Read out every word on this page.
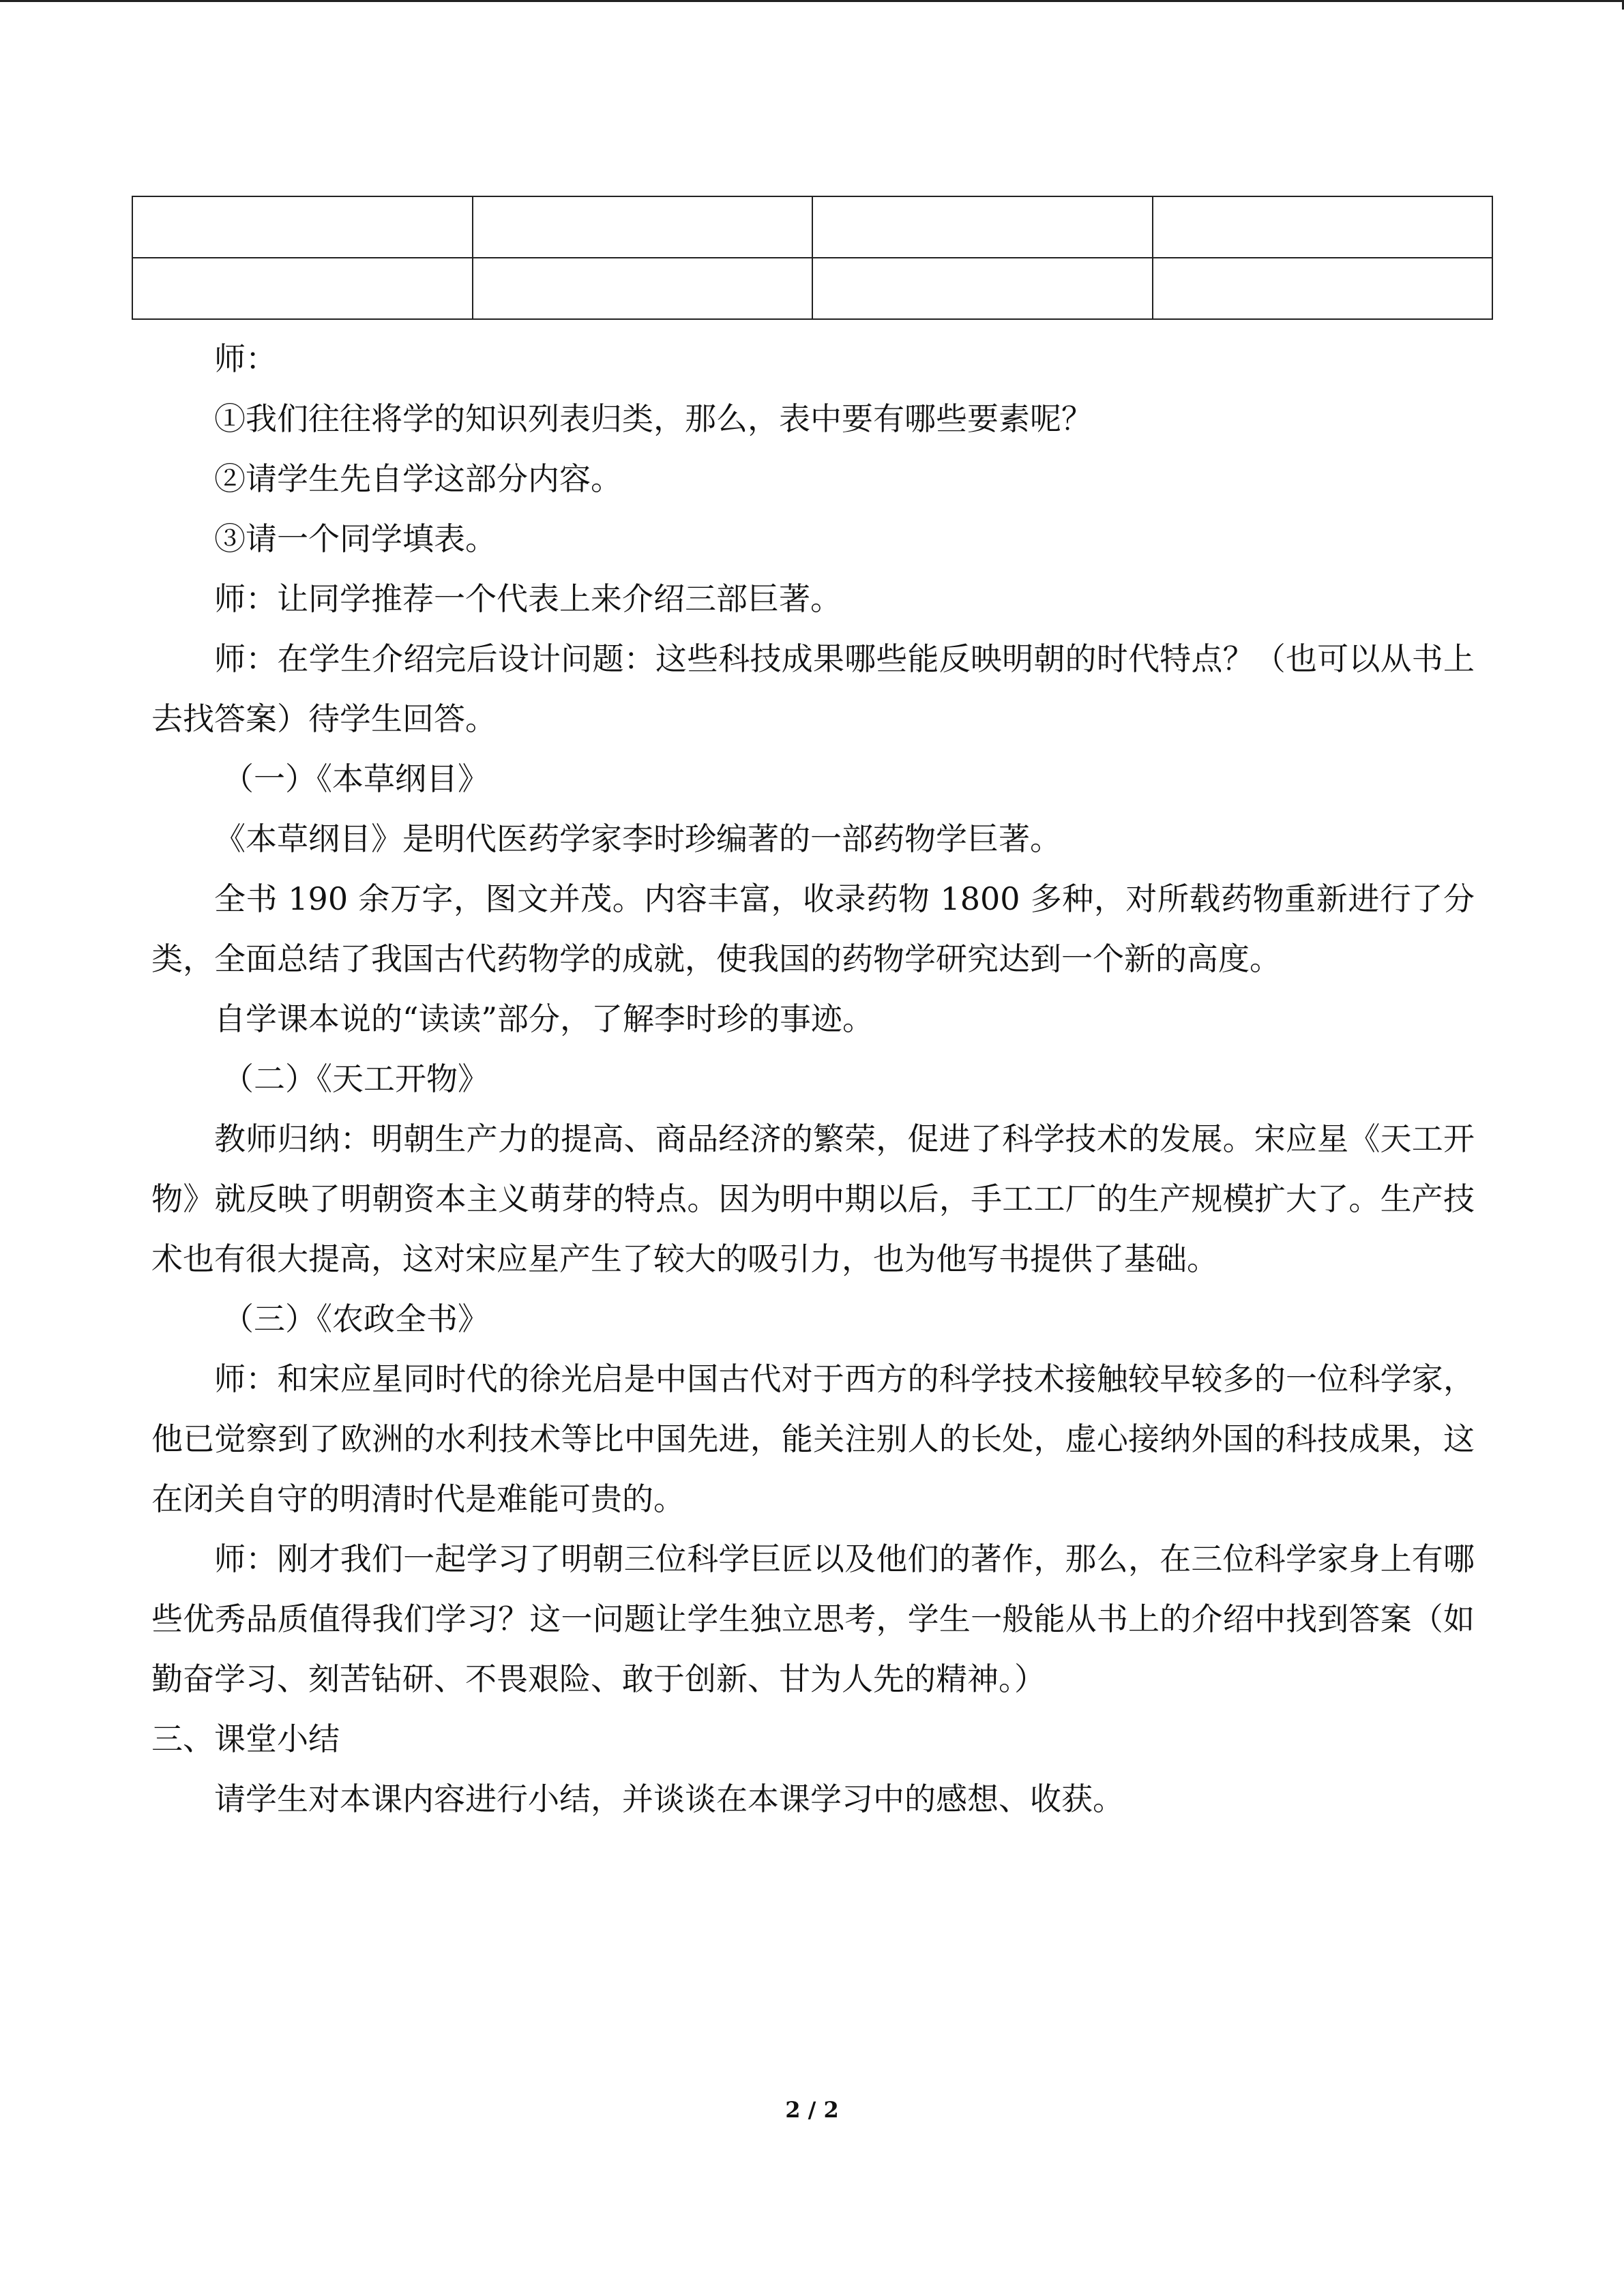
师：

①我们往往将学的知识列表归类，那么，表中要有哪些要素呢？

②请学生先自学这部分内容。

③请一个同学填表。

师：让同学推荐一个代表上来介绍三部巨著。

师：在学生介绍完后设计问题：这些科技成果哪些能反映明朝的时代特点？（也可以从书上去找答案）待学生回答。

（一）《本草纲目》

《本草纲目》是明代医药学家李时珍编著的一部药物学巨著。

全书 190 余万字，图文并茂。内容丰富，收录药物 1800 多种，对所载药物重新进行了分类，全面总结了我国古代药物学的成就，使我国的药物学研究达到一个新的高度。

自学课本说的“读读”部分，了解李时珍的事迹。

（二）《天工开物》

教师归纳：明朝生产力的提高、商品经济的繁荣，促进了科学技术的发展。宋应星《天工开物》就反映了明朝资本主义萌芽的特点。因为明中期以后，手工工厂的生产规模扩大了。生产技术也有很大提高，这对宋应星产生了较大的吸引力，也为他写书提供了基础。

（三）《农政全书》

师：和宋应星同时代的徐光启是中国古代对于西方的科学技术接触较早较多的一位科学家，他已觉察到了欧洲的水利技术等比中国先进，能关注别人的长处，虚心接纳外国的科技成果，这在闭关自守的明清时代是难能可贵的。

师：刚才我们一起学习了明朝三位科学巨匠以及他们的著作，那么，在三位科学家身上有哪些优秀品质值得我们学习？这一问题让学生独立思考，学生一般能从书上的介绍中找到答案（如勤奋学习、刻苦钻研、不畏艰险、敢于创新、甘为人先的精神。）

三、课堂小结

请学生对本课内容进行小结，并谈谈在本课学习中的感想、收获。

2 / 2
